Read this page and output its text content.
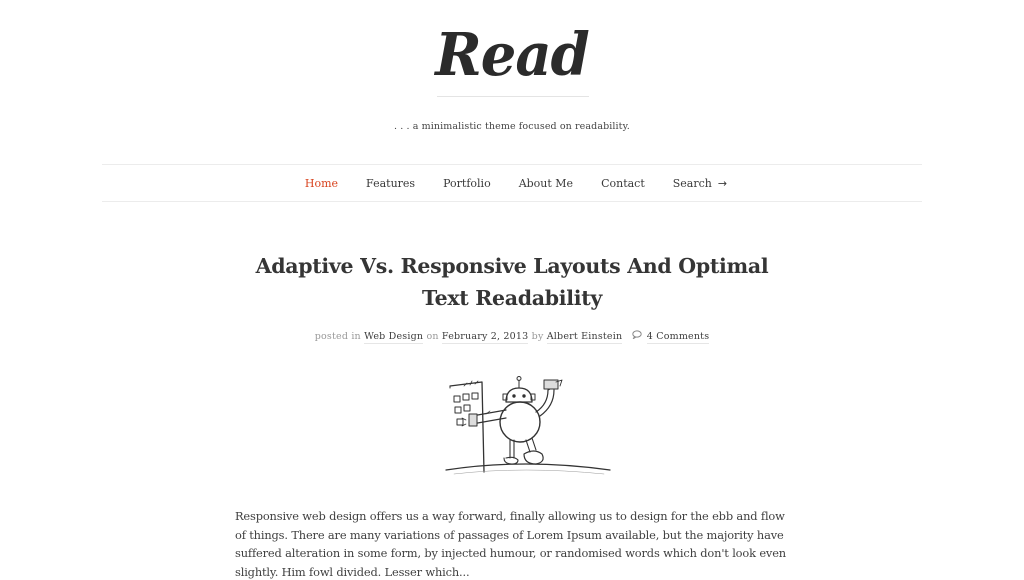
Read
. . . a minimalistic theme focused on readability.
Home	Features	Portfolio	About Me	Contact	Search →
Adaptive Vs. Responsive Layouts And Optimal Text Readability
posted in Web Design on February 2, 2013 by Albert Einstein	4 Comments

Responsive web design offers us a way forward, finally allowing us to design for the ebb and flow of things. There are many variations of passages of Lorem Ipsum available, but the majority have suffered alteration in some form, by injected humour, or randomised words which don't look even slightly. Him fowl divided. Lesser which...
